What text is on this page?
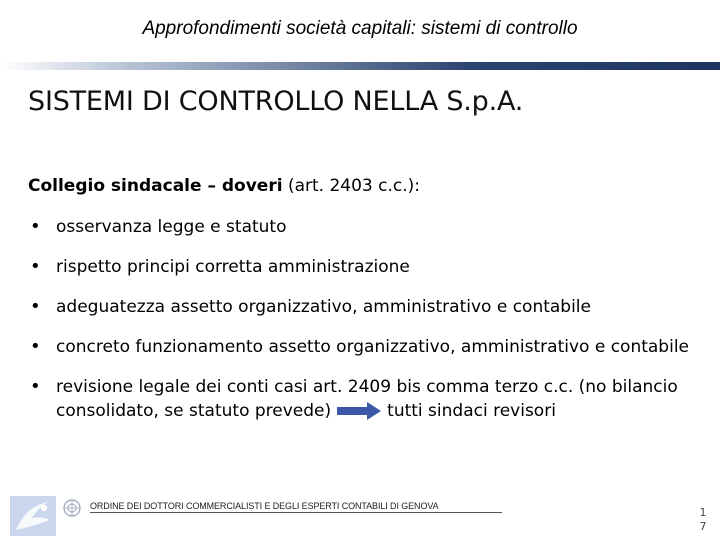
Approfondimenti società capitali: sistemi di controllo
SISTEMI DI CONTROLLO NELLA S.p.A.
Collegio sindacale – doveri (art. 2403 c.c.):
• osservanza legge e statuto
• rispetto principi corretta amministrazione
• adeguatezza assetto organizzativo, amministrativo e contabile
• concreto funzionamento assetto organizzativo, amministrativo e contabile
• revisione legale dei conti casi art. 2409 bis comma terzo c.c. (no bilancio consolidato, se statuto prevede)	tutti sindaci revisori
ORDINE DEI DOTTORI COMMERCIALISTI E DEGLI ESPERTI CONTABILI DI GENOVA	1
7
